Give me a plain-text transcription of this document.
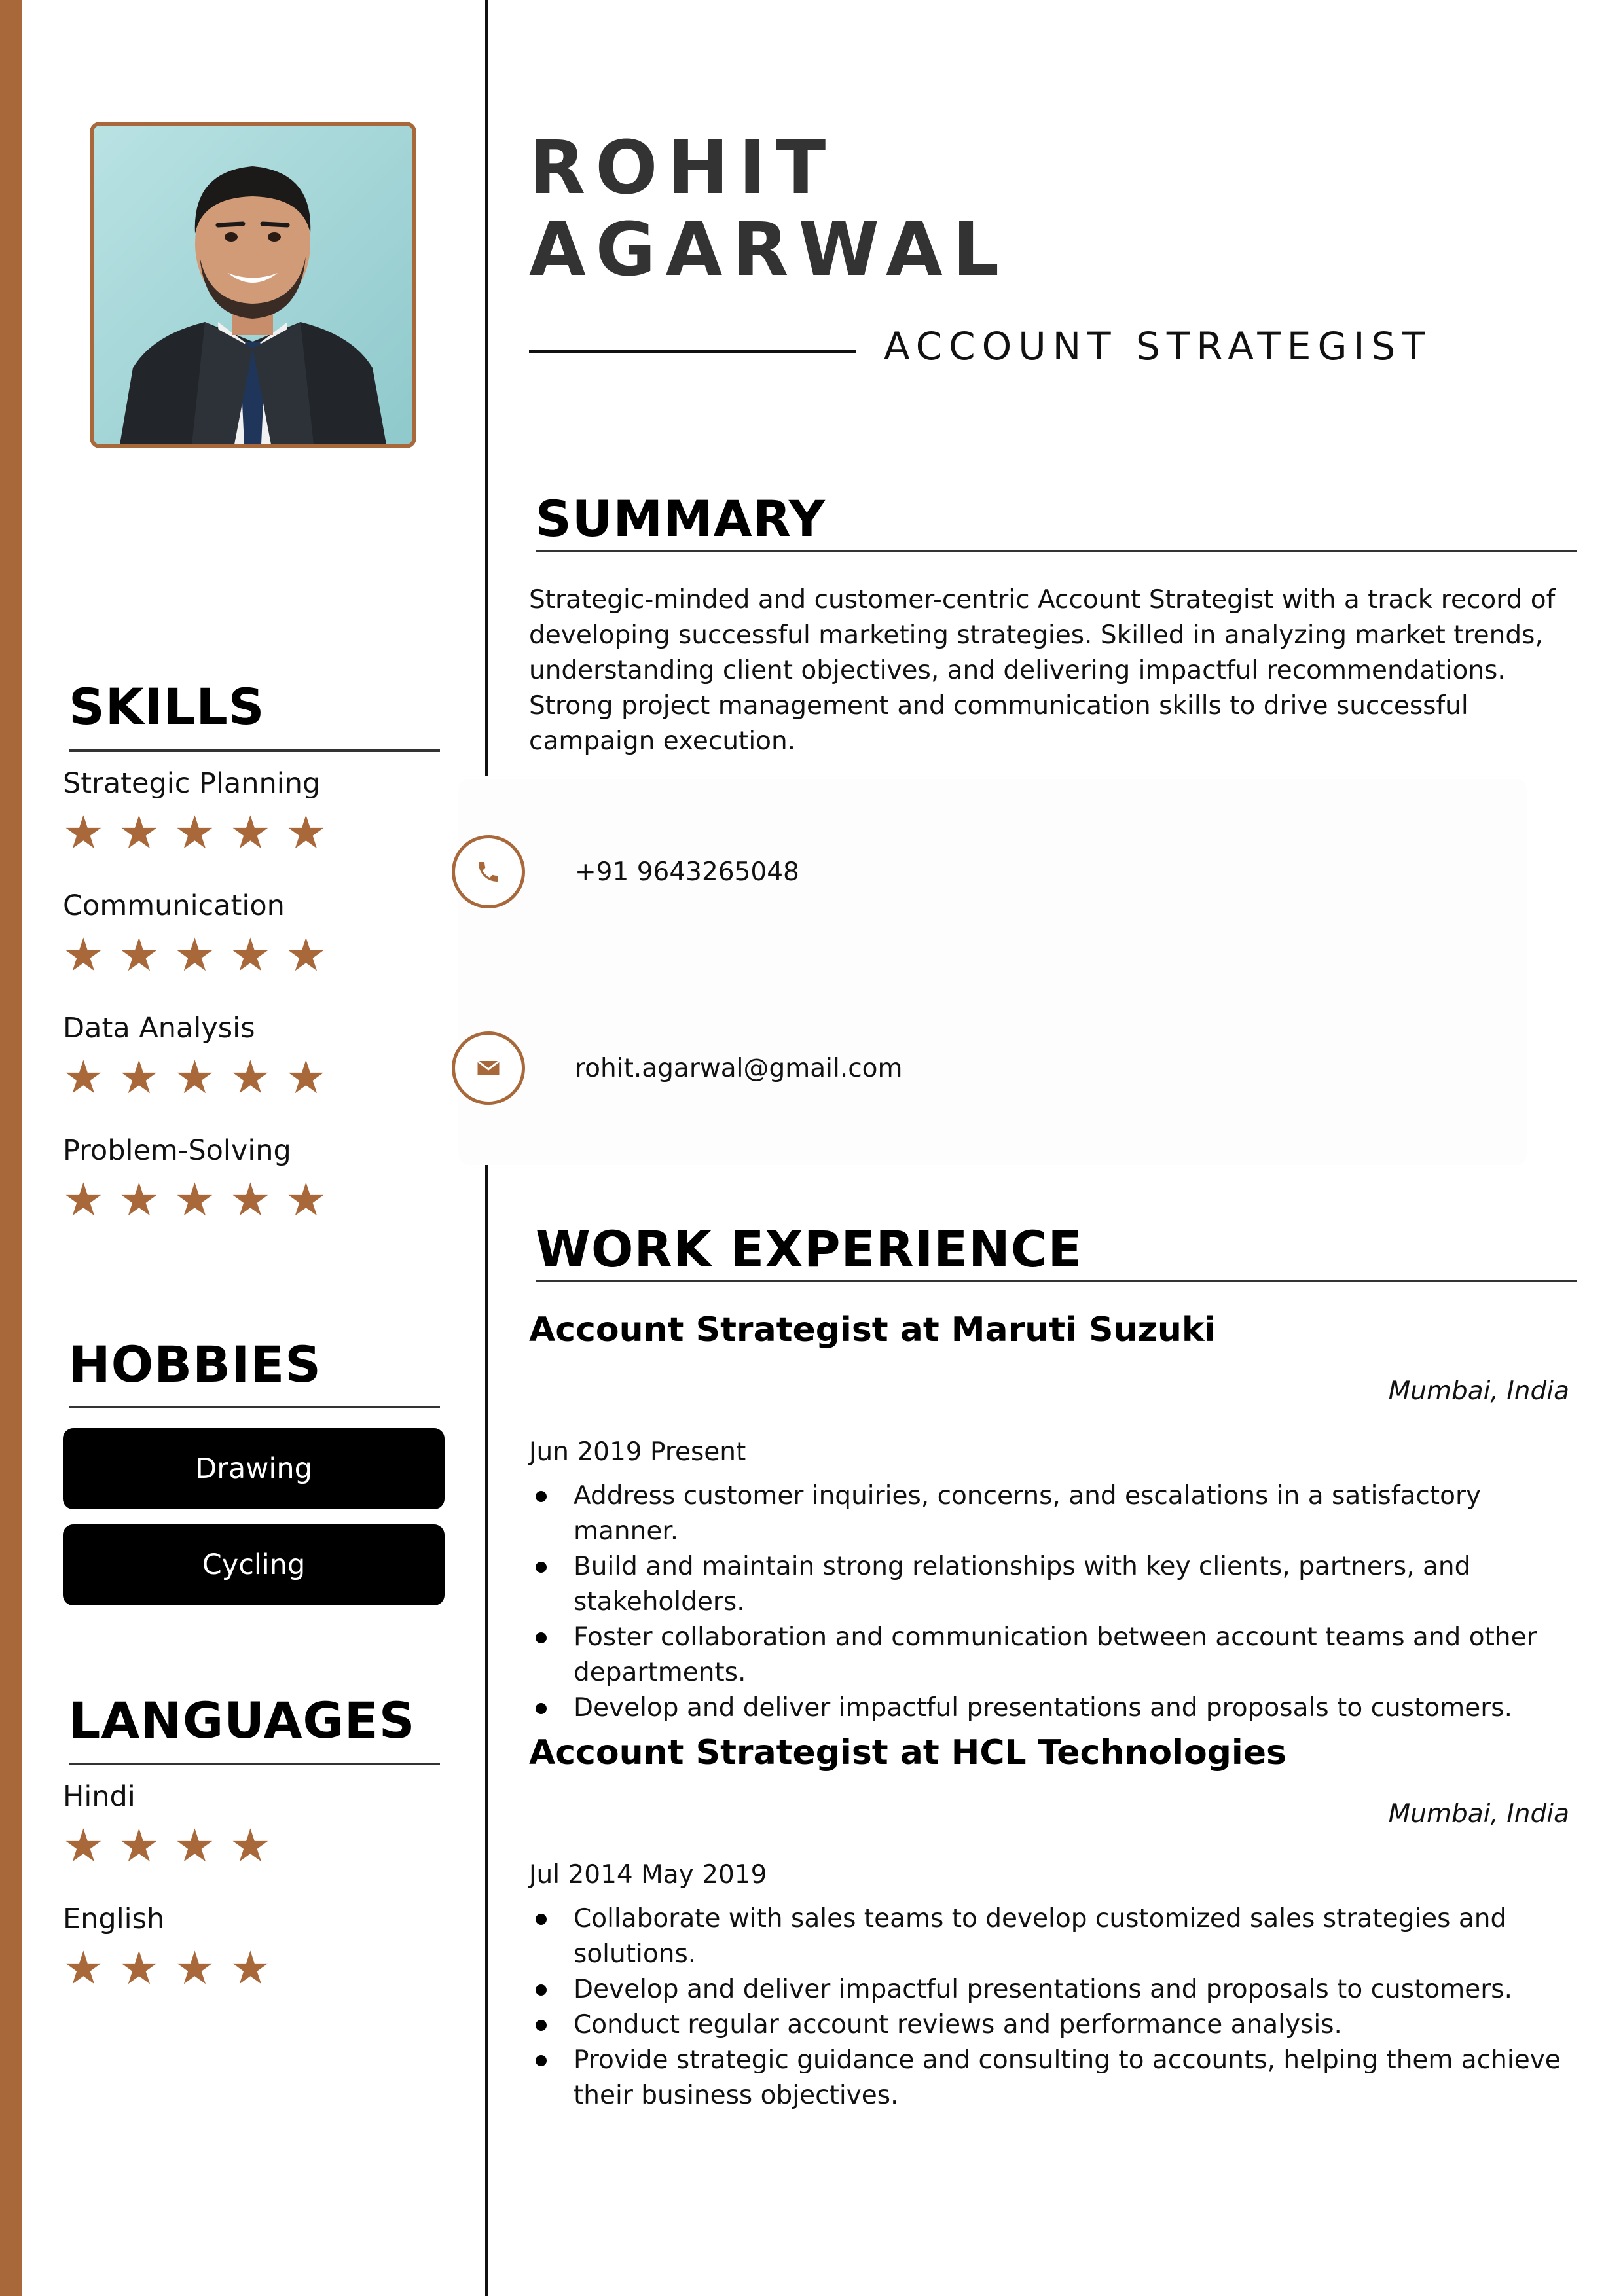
ROHIT
AGARWAL
ACCOUNT STRATEGIST
SUMMARY
Strategic-minded and customer-centric Account Strategist with a track record of developing successful marketing strategies. Skilled in analyzing market trends, understanding client objectives, and delivering impactful recommendations. Strong project management and communication skills to drive successful campaign execution.
+91 9643265048
rohit.agarwal@gmail.com
SKILLS
Strategic Planning
★ ★ ★ ★ ★
Communication
★ ★ ★ ★ ★
Data Analysis
★ ★ ★ ★ ★
Problem-Solving
★ ★ ★ ★ ★
HOBBIES
Drawing
Cycling
LANGUAGES
Hindi
★ ★ ★ ★
English
★ ★ ★ ★
WORK EXPERIENCE
Account Strategist at Maruti Suzuki
Mumbai, India
Jun 2019 Present
Address customer inquiries, concerns, and escalations in a satisfactory manner.
Build and maintain strong relationships with key clients, partners, and stakeholders.
Foster collaboration and communication between account teams and other departments.
Develop and deliver impactful presentations and proposals to customers.
Account Strategist at HCL Technologies
Mumbai, India
Jul 2014 May 2019
Collaborate with sales teams to develop customized sales strategies and solutions.
Develop and deliver impactful presentations and proposals to customers.
Conduct regular account reviews and performance analysis.
Provide strategic guidance and consulting to accounts, helping them achieve their business objectives.
